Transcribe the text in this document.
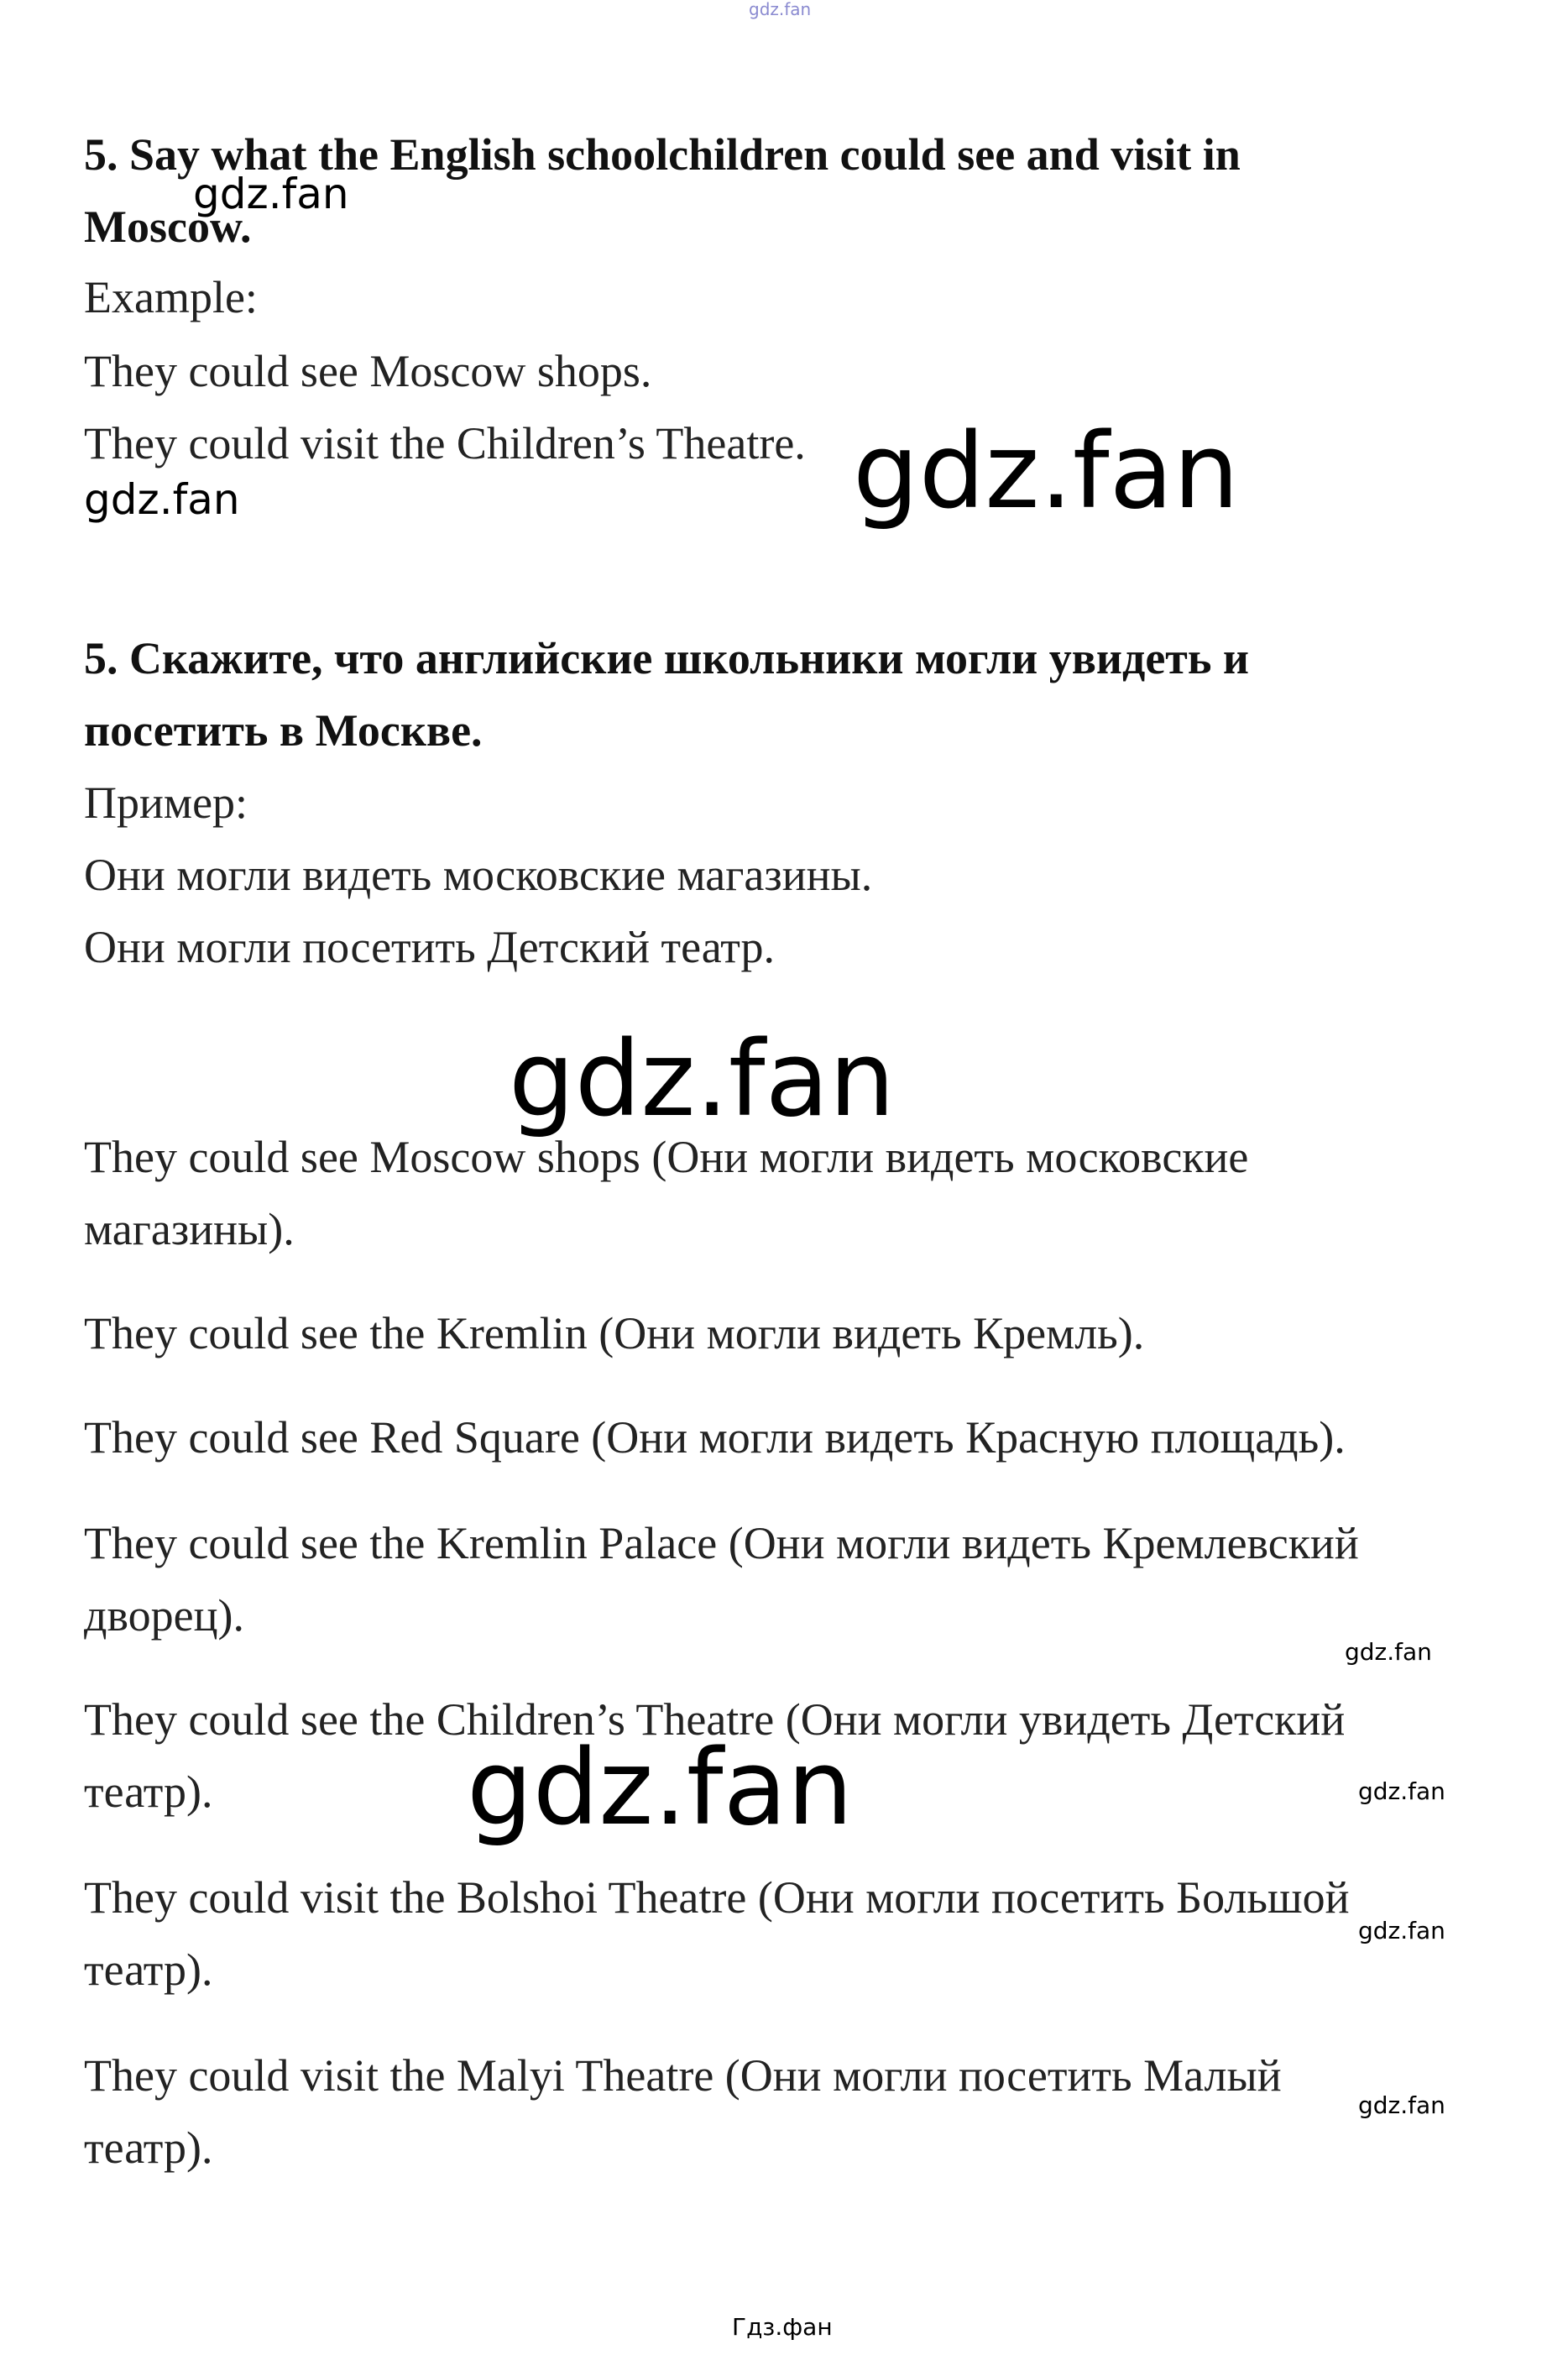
gdz.fan
5. Say what the English schoolchildren could see and visit in
Moscow.
gdz.fan
Example:
They could see Moscow shops.
They could visit the Children’s Theatre.
gdz.fan	gdz.fan
5. Скажите, что английские школьники могли увидеть и
посетить в Москве.
Пример:
Они могли видеть московские магазины.
Они могли посетить Детский театр.
gdz.fan
They could see Moscow shops (Они могли видеть московские
магазины).
They could see the Kremlin (Они могли видеть Кремль).
They could see Red Square (Они могли видеть Красную площадь).
They could see the Kremlin Palace (Они могли видеть Кремлевский
дворец).
gdz.fan
They could see the Children’s Theatre (Они могли увидеть Детский
театр). gdz.fan	gdz.fan
They could visit the Bolshoi Theatre (Они могли посетить Большой
театр).
gdz.fan
They could visit the Malyi Theatre (Они могли посетить Малый
театр).
gdz.fan
Гдз.фан
